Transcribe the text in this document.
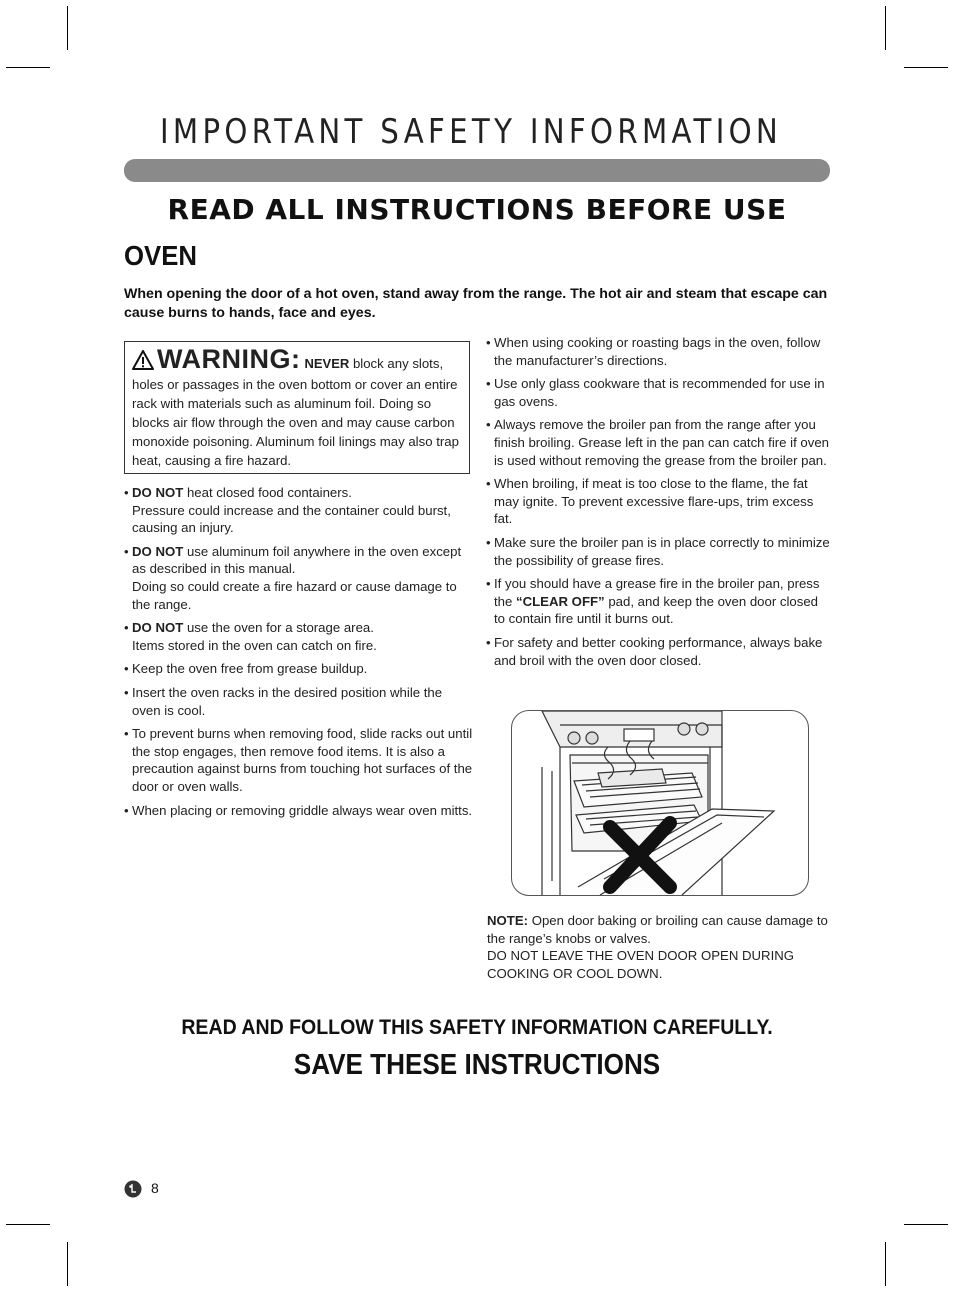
IMPORTANT SAFETY INFORMATION
READ ALL INSTRUCTIONS BEFORE USE
OVEN
When opening the door of a hot oven, stand away from the range. The hot air and steam that escape can cause burns to hands, face and eyes.
WARNING: NEVER block any slots, holes or passages in the oven bottom or cover an entire rack with materials such as aluminum foil. Doing so blocks air flow through the oven and may cause carbon monoxide poisoning. Aluminum foil linings may also trap heat, causing a fire hazard.
• DO NOT heat closed food containers.
Pressure could increase and the container could burst, causing an injury.
• DO NOT use aluminum foil anywhere in the oven except as described in this manual.
Doing so could create a fire hazard or cause damage to the range.
• DO NOT use the oven for a storage area.
Items stored in the oven can catch on fire.
• Keep the oven free from grease buildup.
• Insert the oven racks in the desired position while the oven is cool.
• To prevent burns when removing food, slide racks out until the stop engages, then remove food items. It is also a precaution against burns from touching hot surfaces of the door or oven walls.
• When placing or removing griddle always wear oven mitts.
• When using cooking or roasting bags in the oven, follow the manufacturer’s directions.
• Use only glass cookware that is recommended for use in gas ovens.
• Always remove the broiler pan from the range after you finish broiling. Grease left in the pan can catch fire if oven is used without removing the grease from the broiler pan.
• When broiling, if meat is too close to the flame, the fat may ignite. To prevent excessive flare-ups, trim excess fat.
• Make sure the broiler pan is in place correctly to minimize the possibility of grease fires.
• If you should have a grease fire in the broiler pan, press the “CLEAR OFF” pad, and keep the oven door closed to contain fire until it burns out.
• For safety and better cooking performance, always bake and broil with the oven door closed.
NOTE: Open door baking or broiling can cause damage to the range’s knobs or valves.
DO NOT LEAVE THE OVEN DOOR OPEN DURING COOKING OR COOL DOWN.
READ AND FOLLOW THIS SAFETY INFORMATION CAREFULLY.
SAVE THESE INSTRUCTIONS
8
